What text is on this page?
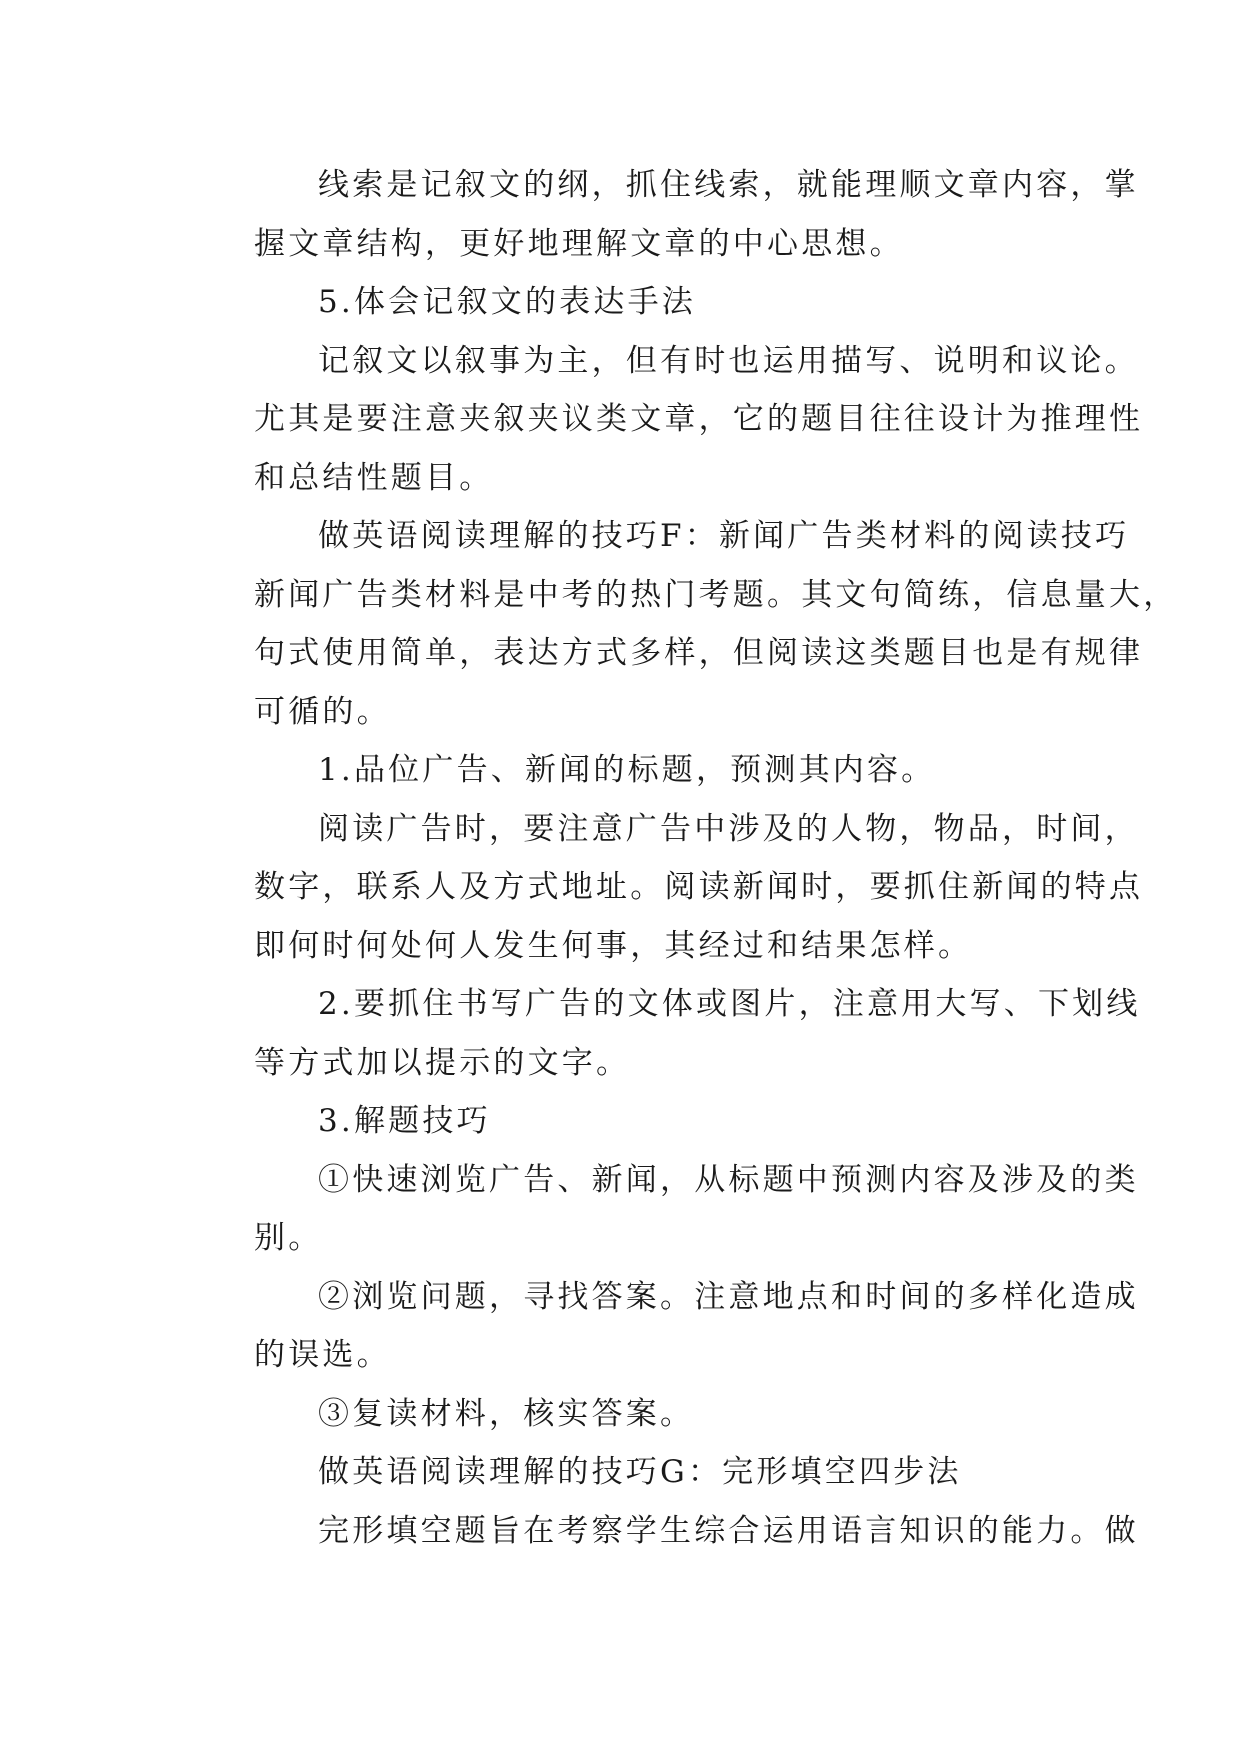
线索是记叙文的纲，抓住线索，就能理顺文章内容，掌
握文章结构，更好地理解文章的中心思想。
5.体会记叙文的表达手法
记叙文以叙事为主，但有时也运用描写、说明和议论。
尤其是要注意夹叙夹议类文章，它的题目往往设计为推理性
和总结性题目。
做英语阅读理解的技巧F：新闻广告类材料的阅读技巧
新闻广告类材料是中考的热门考题。其文句简练，信息量大，
句式使用简单，表达方式多样，但阅读这类题目也是有规律
可循的。
1.品位广告、新闻的标题，预测其内容。
阅读广告时，要注意广告中涉及的人物，物品，时间，
数字，联系人及方式地址。阅读新闻时，要抓住新闻的特点
即何时何处何人发生何事，其经过和结果怎样。
2.要抓住书写广告的文体或图片，注意用大写、下划线
等方式加以提示的文字。
3.解题技巧
①快速浏览广告、新闻，从标题中预测内容及涉及的类
别。
②浏览问题，寻找答案。注意地点和时间的多样化造成
的误选。
③复读材料，核实答案。
做英语阅读理解的技巧G：完形填空四步法
完形填空题旨在考察学生综合运用语言知识的能力。做
